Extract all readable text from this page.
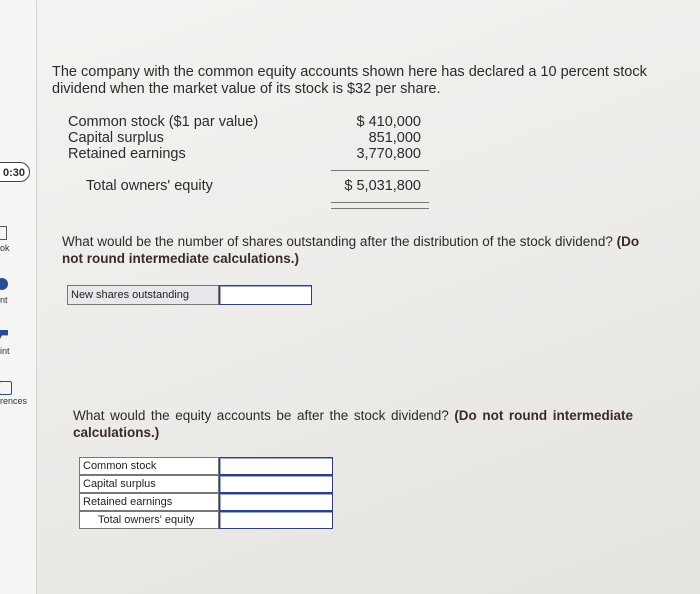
0:30
ok
nt
int
rences
The company with the common equity accounts shown here has declared a 10 percent stock dividend when the market value of its stock is $32 per share.
Common stock ($1 par value)	$ 410,000
Capital surplus	851,000
Retained earnings	3,770,800
Total owners' equity	$ 5,031,800
What would be the number of shares outstanding after the distribution of the stock dividend? (Do not round intermediate calculations.)
New shares outstanding
What would the equity accounts be after the stock dividend? (Do not round intermediate calculations.)
Common stock
Capital surplus
Retained earnings
Total owners' equity
